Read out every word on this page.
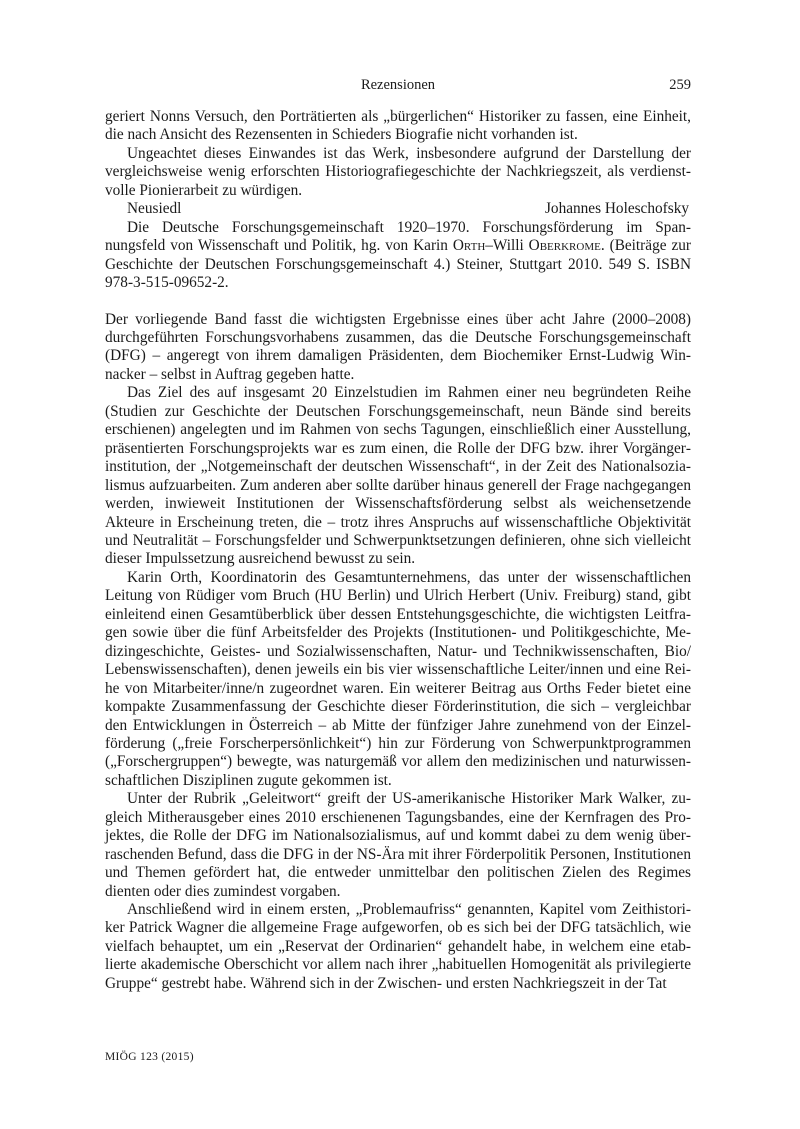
Rezensionen	259

geriert Nonns Versuch, den Porträtierten als „bürgerlichen“ Historiker zu fassen, eine Einheit, die nach Ansicht des Rezensenten in Schieders Biografie nicht vorhanden ist.

Ungeachtet dieses Einwandes ist das Werk, insbesondere aufgrund der Darstellung der vergleichsweise wenig erforschten Historiografiegeschichte der Nachkriegszeit, als verdienstvolle Pionierarbeit zu würdigen.

Neusiedl	Johannes Holeschofsky

Die Deutsche Forschungsgemeinschaft 1920–1970. Forschungsförderung im Spannungsfeld von Wissenschaft und Politik, hg. von Karin Orth–Willi Oberkrome. (Beiträge zur Geschichte der Deutschen Forschungsgemeinschaft 4.) Steiner, Stuttgart 2010. 549 S. ISBN 978-3-515-09652-2.

Der vorliegende Band fasst die wichtigsten Ergebnisse eines über acht Jahre (2000–2008) durchgeführten Forschungsvorhabens zusammen, das die Deutsche Forschungsgemeinschaft (DFG) – angeregt von ihrem damaligen Präsidenten, dem Biochemiker Ernst-Ludwig Winnacker – selbst in Auftrag gegeben hatte.

Das Ziel des auf insgesamt 20 Einzelstudien im Rahmen einer neu begründeten Reihe (Studien zur Geschichte der Deutschen Forschungsgemeinschaft, neun Bände sind bereits erschienen) angelegten und im Rahmen von sechs Tagungen, einschließlich einer Ausstellung, präsentierten Forschungsprojekts war es zum einen, die Rolle der DFG bzw. ihrer Vorgängerinstitution, der „Notgemeinschaft der deutschen Wissenschaft“, in der Zeit des Nationalsozialismus aufzuarbeiten. Zum anderen aber sollte darüber hinaus generell der Frage nachgegangen werden, inwieweit Institutionen der Wissenschaftsförderung selbst als weichensetzende Akteure in Erscheinung treten, die – trotz ihres Anspruchs auf wissenschaftliche Objektivität und Neutralität – Forschungsfelder und Schwerpunktsetzungen definieren, ohne sich vielleicht dieser Impulssetzung ausreichend bewusst zu sein.

Karin Orth, Koordinatorin des Gesamtunternehmens, das unter der wissenschaftlichen Leitung von Rüdiger vom Bruch (HU Berlin) und Ulrich Herbert (Univ. Freiburg) stand, gibt einleitend einen Gesamtüberblick über dessen Entstehungsgeschichte, die wichtigsten Leitfragen sowie über die fünf Arbeitsfelder des Projekts (Institutionen- und Politikgeschichte, Medizingeschichte, Geistes- und Sozialwissenschaften, Natur- und Technikwissenschaften, Bio/ Lebenswissenschaften), denen jeweils ein bis vier wissenschaftliche Leiter/innen und eine Reihe von Mitarbeiter/inne/n zugeordnet waren. Ein weiterer Beitrag aus Orths Feder bietet eine kompakte Zusammenfassung der Geschichte dieser Förderinstitution, die sich – vergleichbar den Entwicklungen in Österreich – ab Mitte der fünfziger Jahre zunehmend von der Einzelförderung („freie Forscherpersönlichkeit“) hin zur Förderung von Schwerpunktprogrammen („Forschergruppen“) bewegte, was naturgemäß vor allem den medizinischen und naturwissenschaftlichen Disziplinen zugute gekommen ist.

Unter der Rubrik „Geleitwort“ greift der US-amerikanische Historiker Mark Walker, zugleich Mitherausgeber eines 2010 erschienenen Tagungsbandes, eine der Kernfragen des Projektes, die Rolle der DFG im Nationalsozialismus, auf und kommt dabei zu dem wenig überraschenden Befund, dass die DFG in der NS-Ära mit ihrer Förderpolitik Personen, Institutionen und Themen gefördert hat, die entweder unmittelbar den politischen Zielen des Regimes dienten oder dies zumindest vorgaben.

Anschließend wird in einem ersten, „Problemaufriss“ genannten, Kapitel vom Zeithistoriker Patrick Wagner die allgemeine Frage aufgeworfen, ob es sich bei der DFG tatsächlich, wie vielfach behauptet, um ein „Reservat der Ordinarien“ gehandelt habe, in welchem eine etablierte akademische Oberschicht vor allem nach ihrer „habituellen Homogenität als privilegierte Gruppe“ gestrebt habe. Während sich in der Zwischen- und ersten Nachkriegszeit in der Tat

MIÖG 123 (2015)
